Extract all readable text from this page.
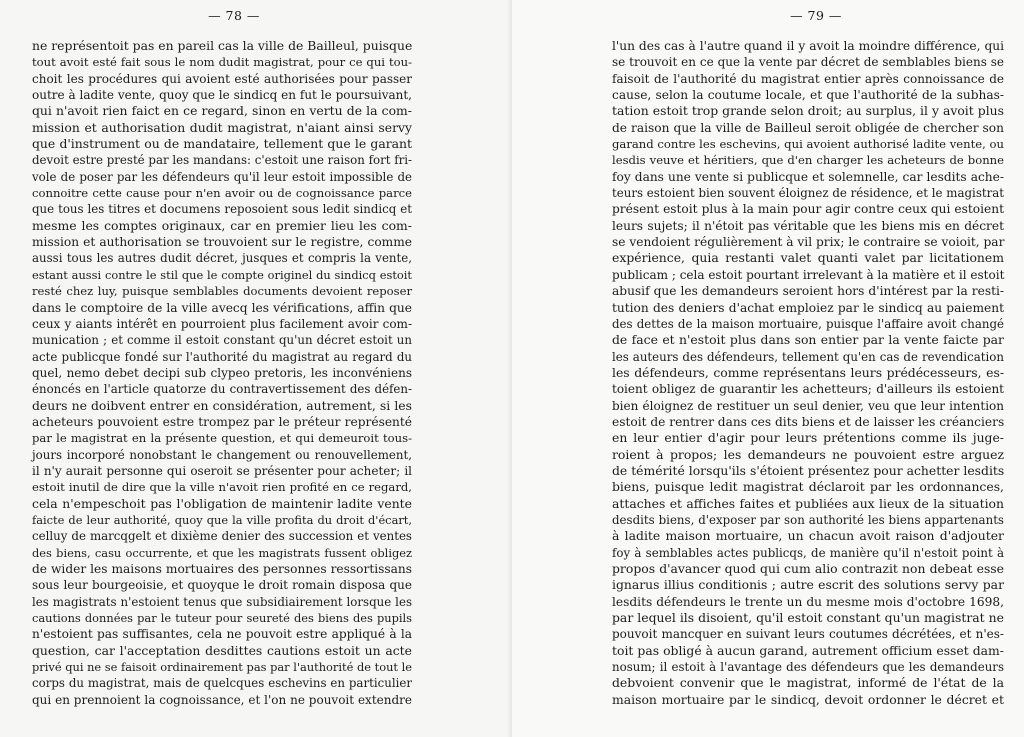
— 78 —
ne représentoit pas en pareil cas la ville de Bailleul, puisque
tout avoit esté fait sous le nom dudit magistrat, pour ce qui tou-
choit les procédures qui avoient esté authorisées pour passer
outre à ladite vente, quoy que le sindicq en fut le poursuivant,
qui n'avoit rien faict en ce regard, sinon en vertu de la com-
mission et authorisation dudit magistrat, n'aiant ainsi servy
que d'instrument ou de mandataire, tellement que le garant
devoit estre presté par les mandans: c'estoit une raison fort fri-
vole de poser par les défendeurs qu'il leur estoit impossible de
connoitre cette cause pour n'en avoir ou de cognoissance parce
que tous les titres et documens reposoient sous ledit sindicq et
mesme les comptes originaux, car en premier lieu les com-
mission et authorisation se trouvoient sur le registre, comme
aussi tous les autres dudit décret, jusques et compris la vente,
estant aussi contre le stil que le compte originel du sindicq estoit
resté chez luy, puisque semblables documents devoient reposer
dans le comptoire de la ville avecq les vérifications, affin que
ceux y aiants intérêt en pourroient plus facilement avoir com-
munication ; et comme il estoit constant qu'un décret estoit un
acte publicque fondé sur l'authorité du magistrat au regard du
quel, nemo debet decipi sub clypeo pretoris, les inconvéniens
énoncés en l'article quatorze du contravertissement des défen-
deurs ne doibvent entrer en considération, autrement, si les
acheteurs pouvoient estre trompez par le préteur représenté
par le magistrat en la présente question, et qui demeuroit tous-
jours incorporé nonobstant le changement ou renouvellement,
il n'y aurait personne qui oseroit se présenter pour acheter; il
estoit inutil de dire que la ville n'avoit rien profité en ce regard,
cela n'empeschoit pas l'obligation de maintenir ladite vente
faicte de leur authorité, quoy que la ville profita du droit d'écart,
celluy de marcqgelt et dixième denier des succession et ventes
des biens, casu occurrente, et que les magistrats fussent obligez
de wider les maisons mortuaires des personnes ressortissans
sous leur bourgeoisie, et quoyque le droit romain disposa que
les magistrats n'estoient tenus que subsidiairement lorsque les
cautions données par le tuteur pour seureté des biens des pupils
n'estoient pas suffisantes, cela ne pouvoit estre appliqué à la
question, car l'acceptation desdittes cautions estoit un acte
privé qui ne se faisoit ordinairement pas par l'authorité de tout le
corps du magistrat, mais de quelcques eschevins en particulier
qui en prennoient la cognoissance, et l'on ne pouvoit extendre
— 79 —
l'un des cas à l'autre quand il y avoit la moindre différence, qui
se trouvoit en ce que la vente par décret de semblables biens se
faisoit de l'authorité du magistrat entier après connoissance de
cause, selon la coutume locale, et que l'authorité de la subhas-
tation estoit trop grande selon droit; au surplus, il y avoit plus
de raison que la ville de Bailleul seroit obligée de chercher son
garand contre les eschevins, qui avoient authorisé ladite vente, ou
lesdis veuve et héritiers, que d'en charger les acheteurs de bonne
foy dans une vente si publicque et solemnelle, car lesdits ache-
teurs estoient bien souvent éloignez de résidence, et le magistrat
présent estoit plus à la main pour agir contre ceux qui estoient
leurs sujets; il n'étoit pas véritable que les biens mis en décret
se vendoient régulièrement à vil prix; le contraire se voioit, par
expérience, quia restanti valet quanti valet par licitationem
publicam ; cela estoit pourtant irrelevant à la matière et il estoit
abusif que les demandeurs seroient hors d'intérest par la resti-
tution des deniers d'achat emploiez par le sindicq au paiement
des dettes de la maison mortuaire, puisque l'affaire avoit changé
de face et n'estoit plus dans son entier par la vente faicte par
les auteurs des défendeurs, tellement qu'en cas de revendication
les défendeurs, comme représentans leurs prédécesseurs, es-
toient obligez de guarantir les achetteurs; d'ailleurs ils estoient
bien éloignez de restituer un seul denier, veu que leur intention
estoit de rentrer dans ces dits biens et de laisser les créanciers
en leur entier d'agir pour leurs prétentions comme ils juge-
roient à propos; les demandeurs ne pouvoient estre arguez
de témérité lorsqu'ils s'étoient présentez pour achetter lesdits
biens, puisque ledit magistrat déclaroit par les ordonnances,
attaches et affiches faites et publiées aux lieux de la situation
desdits biens, d'exposer par son authorité les biens appartenants
à ladite maison mortuaire, un chacun avoit raison d'adjouter
foy à semblables actes publicqs, de manière qu'il n'estoit point à
propos d'avancer quod qui cum alio contrazit non debeat esse
ignarus illius conditionis ; autre escrit des solutions servy par
lesdits défendeurs le trente un du mesme mois d'octobre 1698,
par lequel ils disoient, qu'il estoit constant qu'un magistrat ne
pouvoit mancquer en suivant leurs coutumes décrétées, et n'es-
toit pas obligé à aucun garand, autrement officium esset dam-
nosum; il estoit à l'avantage des défendeurs que les demandeurs
debvoient convenir que le magistrat, informé de l'état de la
maison mortuaire par le sindicq, devoit ordonner le décret et
